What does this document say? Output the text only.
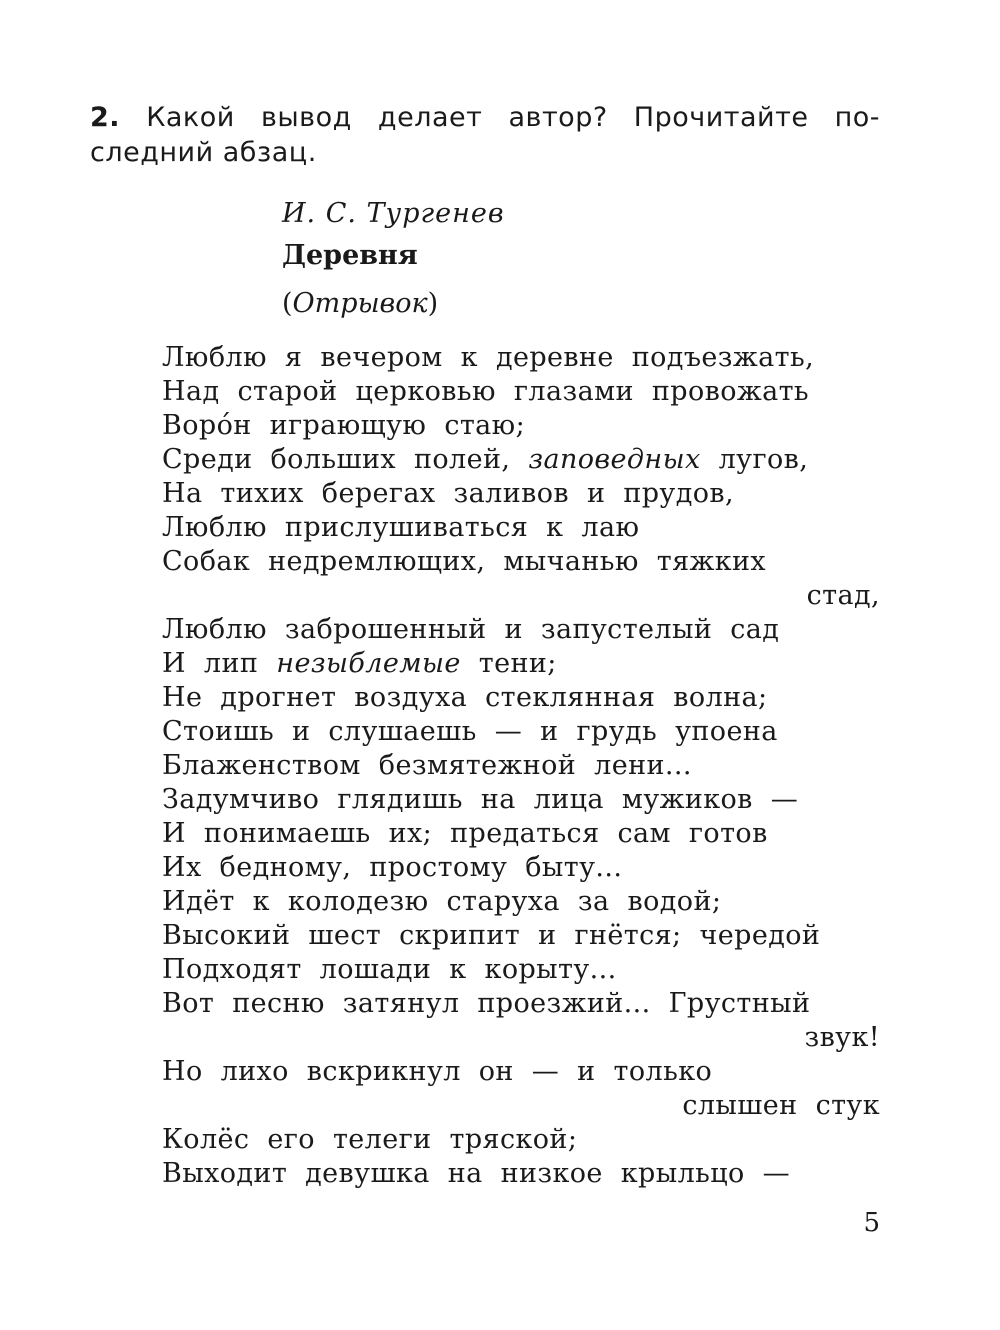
2. Какой вывод делает автор? Прочитайте по-
следний абзац.
И. С. Тургенев
Деревня
(Отрывок)
Люблю я вечером к деревне подъезжать,
Над старой церковью глазами провожать
Воро́н играющую стаю;
Среди больших полей, заповедных лугов,
На тихих берегах заливов и прудов,
Люблю прислушиваться к лаю
Собак недремлющих, мычанью тяжких
стад,
Люблю заброшенный и запустелый сад
И лип незыблемые тени;
Не дрогнет воздуха стеклянная волна;
Стоишь и слушаешь — и грудь упоена
Блаженством безмятежной лени...
Задумчиво глядишь на лица мужиков —
И понимаешь их; предаться сам готов
Их бедному, простому быту...
Идёт к колодезю старуха за водой;
Высокий шест скрипит и гнётся; чередой
Подходят лошади к корыту...
Вот песню затянул проезжий... Грустный
звук!
Но лихо вскрикнул он — и только
слышен стук
Колёс его телеги тряской;
Выходит девушка на низкое крыльцо —
5
